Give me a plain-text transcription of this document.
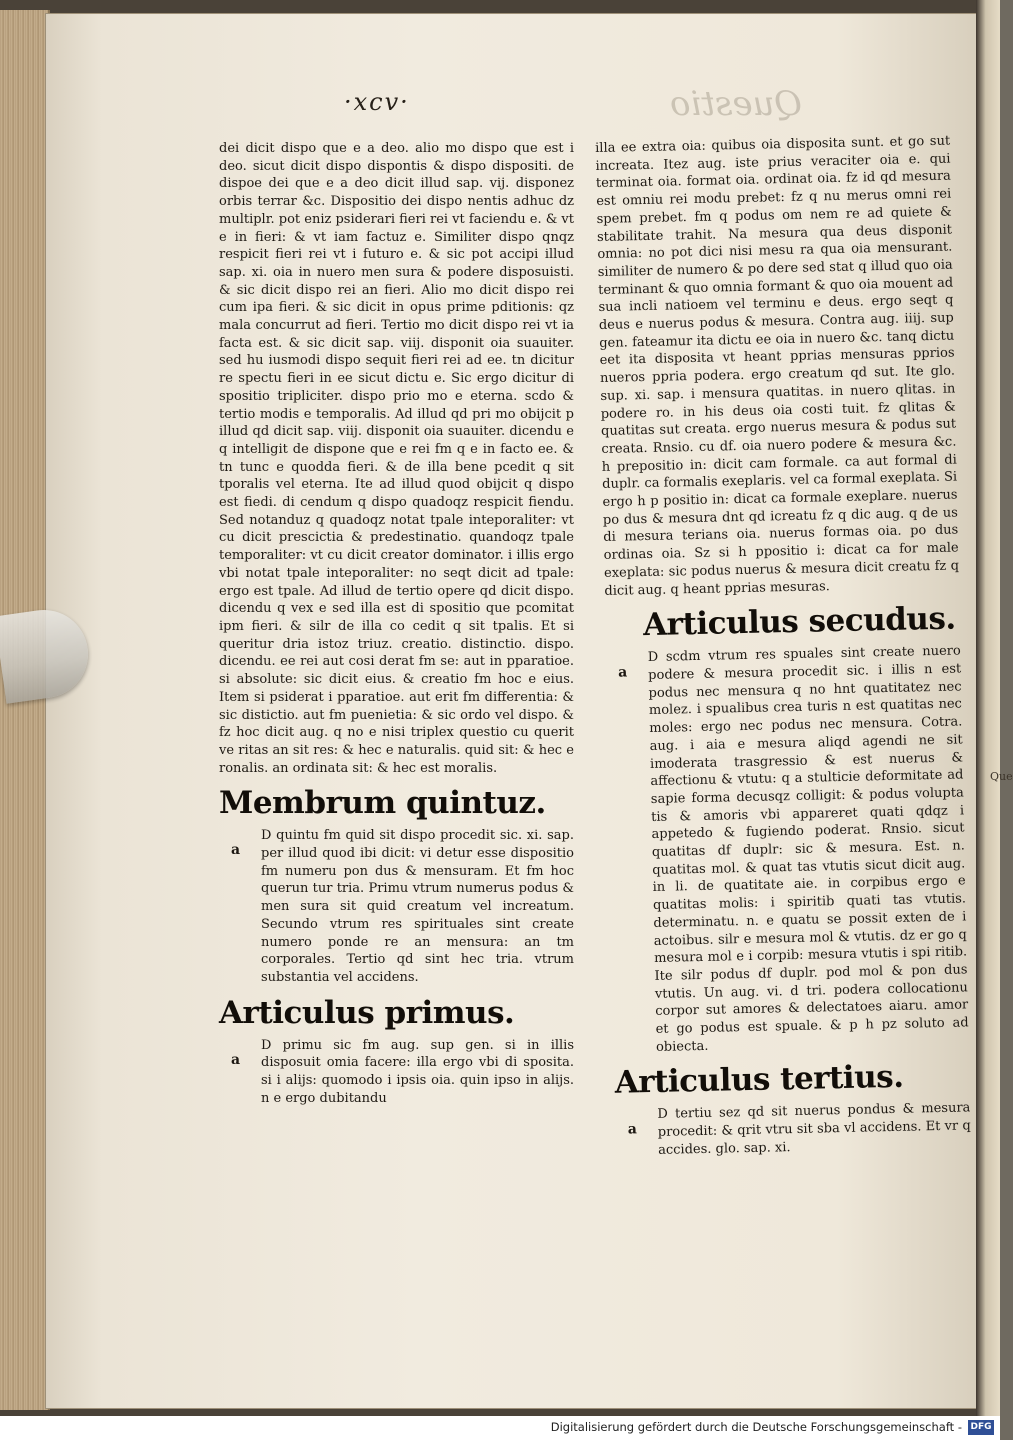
Que
·xcv·	Questio

dei dicit dispo que e a deo. alio mo dispo que est i deo. sicut dicit dispo dispontis & dispo dispositi. de dispoe dei que e a deo dicit illud sap. vij. disponez orbis terrar &c. Dispositio dei dispo nentis adhuc dz multiplr. pot eniz psiderari fieri rei vt faciendu e. & vt e in fieri: & vt iam factuz e. Similiter dispo qnqz respicit fieri rei vt i futuro e. & sic pot accipi illud sap. xi. oia in nuero men sura & podere disposuisti. & sic dicit dispo rei an fieri. Alio mo dicit dispo rei cum ipa fieri. & sic dicit in opus prime pditionis: qz mala concurrut ad fieri. Tertio mo dicit dispo rei vt ia facta est. & sic dicit sap. viij. disponit oia suauiter. sed hu iusmodi dispo sequit fieri rei ad ee. tn dicitur re spectu fieri in ee sicut dictu e. Sic ergo dicitur di spositio tripliciter. dispo prio mo e eterna. scdo & tertio modis e temporalis. Ad illud qd pri mo obijcit p illud qd dicit sap. viij. disponit oia suauiter. dicendu e q intelligit de dispone que e rei fm q e in facto ee. & tn tunc e quodda fieri. & de illa bene pcedit q sit tporalis vel eterna. Ite ad illud quod obijcit q dispo est fiedi. di cendum q dispo quadoqz respicit fiendu. Sed notanduz q quadoqz notat tpale inteporaliter: vt cu dicit prescictia & predestinatio. quandoqz tpale temporaliter: vt cu dicit creator dominator. i illis ergo vbi notat tpale inteporaliter: no seqt dicit ad tpale: ergo est tpale. Ad illud de tertio opere qd dicit dispo. dicendu q vex e sed illa est di spositio que pcomitat ipm fieri. & silr de illa co cedit q sit tpalis. Et si queritur dria istoz triuz. creatio. distinctio. dispo. dicendu. ee rei aut cosi derat fm se: aut in pparatioe. si absolute: sic dicit eius. & creatio fm hoc e eius. Item si psiderat i pparatioe. aut erit fm differentia: & sic distictio. aut fm puenietia: & sic ordo vel dispo. & fz hoc dicit aug. q no e nisi triplex questio cu querit ve ritas an sit res: & hec e naturalis. quid sit: & hec e ronalis. an ordinata sit: & hec est moralis.

Membrum quintuz.
a

D quintu fm quid sit dispo procedit sic. xi. sap. per illud quod ibi dicit: vi detur esse dispositio fm numeru pon dus & mensuram. Et fm hoc querun tur tria. Primu vtrum numerus podus & men sura sit quid creatum vel increatum. Secundo vtrum res spirituales sint create numero ponde re an mensura: an tm corporales. Tertio qd sint hec tria. vtrum substantia vel accidens.

Articulus primus.
a

D primu sic fm aug. sup gen. si in illis disposuit omia facere: illa ergo vbi di sposita. si i alijs: quomodo i ipsis oia. quin ipso in alijs. n e ergo dubitandu

illa ee extra oia: quibus oia disposita sunt. et go sut increata. Itez aug. iste prius veraciter oia e. qui terminat oia. format oia. ordinat oia. fz id qd mesura est omniu rei modu prebet: fz q nu merus omni rei spem prebet. fm q podus om nem re ad quiete & stabilitate trahit. Na mesura qua deus disponit omnia: no pot dici nisi mesu ra qua oia mensurant. similiter de numero & po dere sed stat q illud quo oia terminant & quo omnia formant & quo oia mouent ad sua incli natioem vel terminu e deus. ergo seqt q deus e nuerus podus & mesura. Contra aug. iiij. sup gen. fateamur ita dictu ee oia in nuero &c. tanq dictu eet ita disposita vt heant pprias mensuras pprios nueros ppria podera. ergo creatum qd sut. Ite glo. sup. xi. sap. i mensura quatitas. in nuero qlitas. in podere ro. in his deus oia costi tuit. fz qlitas & quatitas sut creata. ergo nuerus mesura & podus sut creata. Rnsio. cu df. oia nuero podere & mesura &c. h prepositio in: dicit cam formale. ca aut formal di duplr. ca formalis exeplaris. vel ca formal exeplata. Si ergo h p positio in: dicat ca formale exeplare. nuerus po dus & mesura dnt qd icreatu fz q dic aug. q de us di mesura terians oia. nuerus formas oia. po dus ordinas oia. Sz si h ppositio i: dicat ca for male exeplata: sic podus nuerus & mesura dicit creatu fz q dicit aug. q heant pprias mesuras.

Articulus secudus.
a

D scdm vtrum res spuales sint create nuero podere & mesura procedit sic. i illis n est podus nec mensura q no hnt quatitatez nec molez. i spualibus crea turis n est quatitas nec moles: ergo nec podus nec mensura. Cotra. aug. i aia e mesura aliqd agendi ne sit imoderata trasgressio & est nuerus & affectionu & vtutu: q a stulticie deformitate ad sapie forma decusqz colligit: & podus volupta tis & amoris vbi appareret quati qdqz i appetedo & fugiendo poderat. Rnsio. sicut quatitas df duplr: sic & mesura. Est. n. quatitas mol. & quat tas vtutis sicut dicit aug. in li. de quatitate aie. in corpibus ergo e quatitas molis: i spiritib quati tas vtutis. determinatu. n. e quatu se possit exten de i actoibus. silr e mesura mol & vtutis. dz er go q mesura mol e i corpib: mesura vtutis i spi ritib. Ite silr podus df duplr. pod mol & pon dus vtutis. Un aug. vi. d tri. podera collocationu corpor sut amores & delectatoes aiaru. amor et go podus est spuale. & p h pz soluto ad obiecta.

Articulus tertius.
a

D tertiu sez qd sit nuerus pondus & mesura procedit: & qrit vtru sit sba vl accidens. Et vr q accides. glo. sap. xi.

Digitalisierung gefördert durch die Deutsche Forschungsgemeinschaft - DFG
